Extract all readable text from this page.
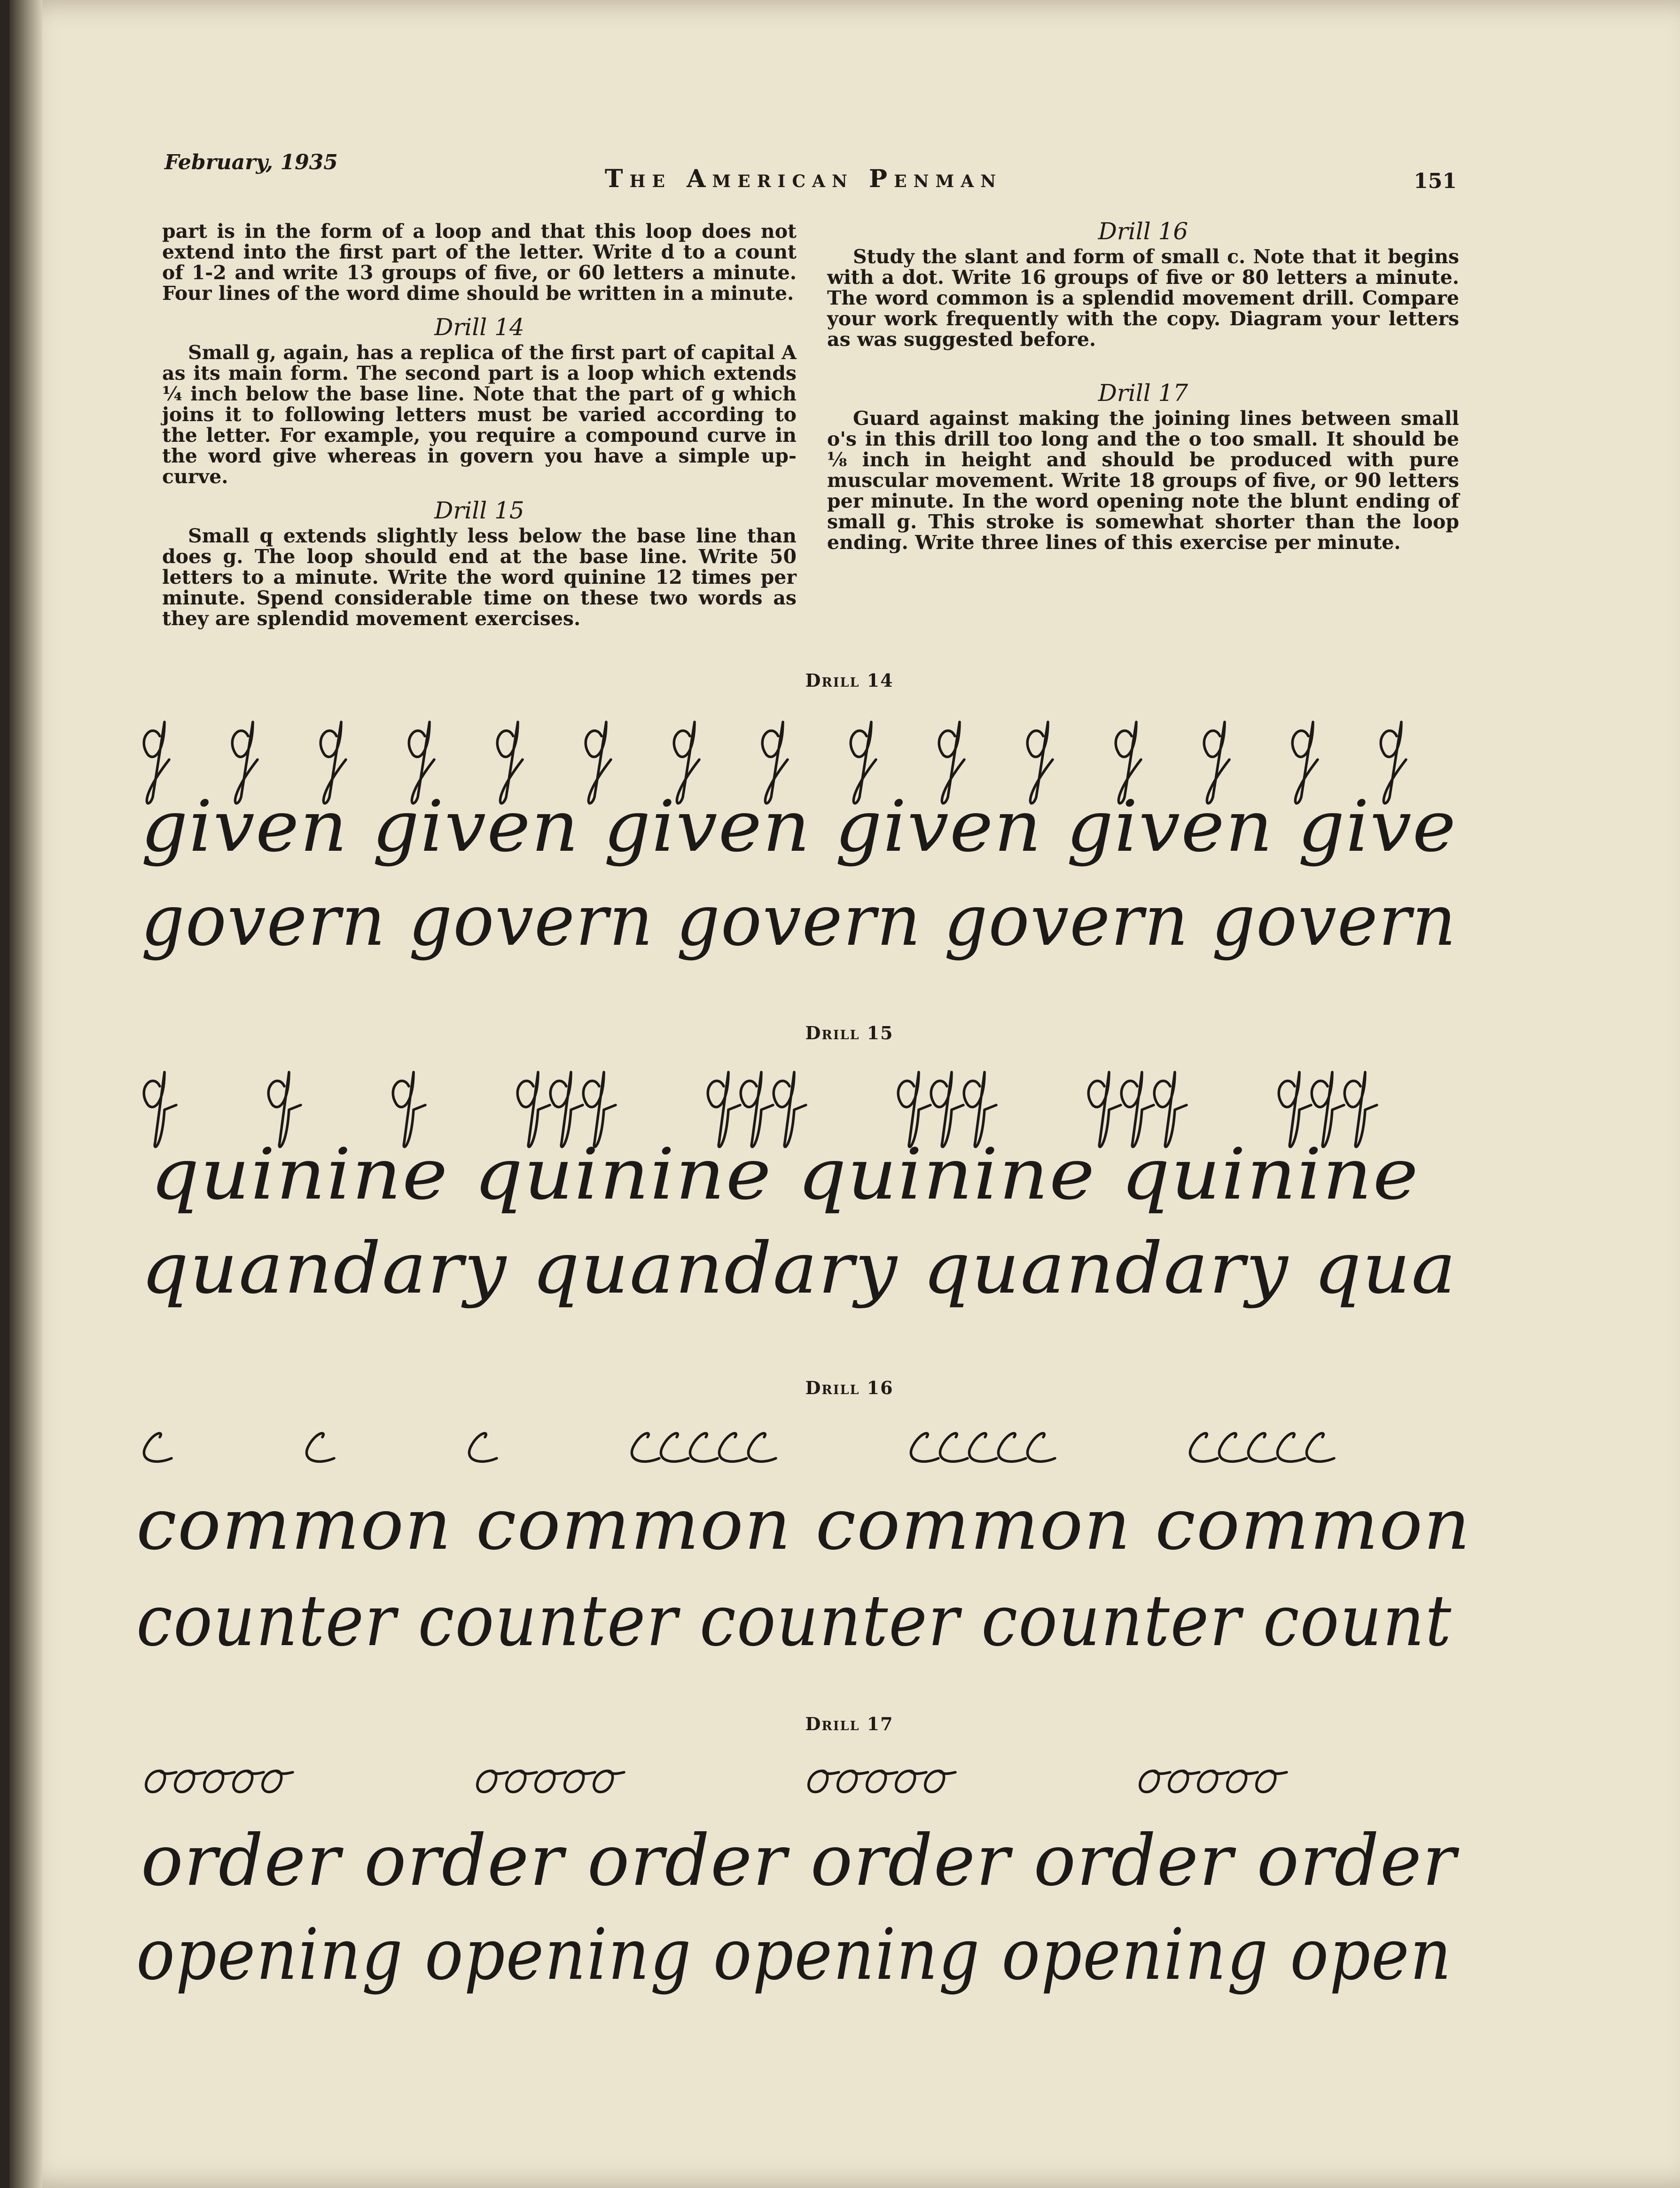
February, 1935
The American Penman	151

part is in the form of a loop and that this loop does not extend into the first part of the letter. Write d to a count of 1-2 and write 13 groups of five, or 60 letters a minute. Four lines of the word dime should be written in a minute.

Drill 14

Small g, again, has a replica of the first part of capital A as its main form. The second part is a loop which extends ¼ inch below the base line. Note that the part of g which joins it to following letters must be varied according to the letter. For example, you require a compound curve in the word give whereas in govern you have a simple up-curve.

Drill 15

Small q extends slightly less below the base line than does g. The loop should end at the base line. Write 50 letters to a minute. Write the word quinine 12 times per minute. Spend considerable time on these two words as they are splendid movement exercises.

Drill 16

Study the slant and form of small c. Note that it begins with a dot. Write 16 groups of five or 80 letters a minute. The word common is a splendid movement drill. Compare your work frequently with the copy. Diagram your letters as was suggested before.

Drill 17

Guard against making the joining lines between small o's in this drill too long and the o too small. It should be ⅛ inch in height and should be produced with pure muscular movement. Write 18 groups of five, or 90 letters per minute. In the word opening note the blunt ending of small g. This stroke is somewhat shorter than the loop ending. Write three lines of this exercise per minute.

Drill 14
given given given given given give
govern govern govern govern govern
Drill 15
quinine quinine quinine quinine
quandary quandary quandary qua
Drill 16
common common common common
counter counter counter counter count
Drill 17
order order order order order order
opening opening opening opening open
